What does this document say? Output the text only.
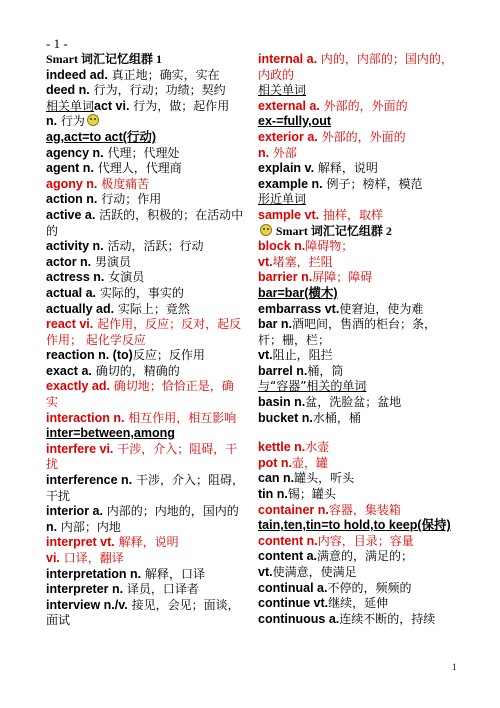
- 1 -

Smart 词汇记忆组群 1

indeed ad. 真正地；确实，实在

deed n. 行为，行动；功绩；契约

相关单词act vi. 行为，做；起作用

n. 行为

ag,act=to act(行动)

agency n. 代理；代理处

agent n. 代理人，代理商

agony n. 极度痛苦

action n. 行动；作用

active a. 活跃的，积极的；在活动中的

activity n. 活动，活跃；行动

actor n. 男演员

actress n. 女演员

actual a. 实际的，事实的

actually ad. 实际上；竟然

react vi. 起作用，反应；反对，起反作用； 起化学反应

reaction n. (to)反应；反作用

exact a. 确切的，精确的

exactly ad. 确切地；恰恰正是，确实

interaction n. 相互作用，相互影响

inter=between,among

interfere vi. 干涉，介入；阻碍，干扰

interference n. 干涉，介入；阻碍，干扰

interior a. 内部的；内地的，国内的

n. 内部；内地

interpret vt. 解释，说明

vi. 口译，翻译

interpretation n. 解释，口译

interpreter n. 译员，口译者

interview n./v. 接见，会见；面谈，面试

internal a. 内的，内部的；国内的，内政的

相关单词

external a. 外部的，外面的

ex-=fully,out

exterior a. 外部的，外面的

n. 外部

explain v. 解释，说明

example n. 例子；榜样，模范

形近单词

sample vt. 抽样，取样

Smart 词汇记忆组群 2

block n.障碍物；

vt.堵塞，拦阻

barrier n.屏障；障碍

bar=bar(横木)

embarrass vt.使窘迫，使为难

bar n.酒吧间，售酒的柜台；条，杆；栅，栏；

vt.阻止，阻拦

barrel n.桶，筒

与“容器”相关的单词

basin n.盆，洗脸盆；盆地

bucket n.水桶，桶

kettle n.水壶

pot n.壶，罐

can n.罐头，听头

tin n.锡；罐头

container n.容器，集装箱

tain,ten,tin=to hold,to keep(保持)

content n.内容，目录；容量

content a.满意的，满足的；

vt.使满意，使满足

continual a.不停的，频频的

continue vt.继续，延伸

continuous a.连续不断的，持续

1
